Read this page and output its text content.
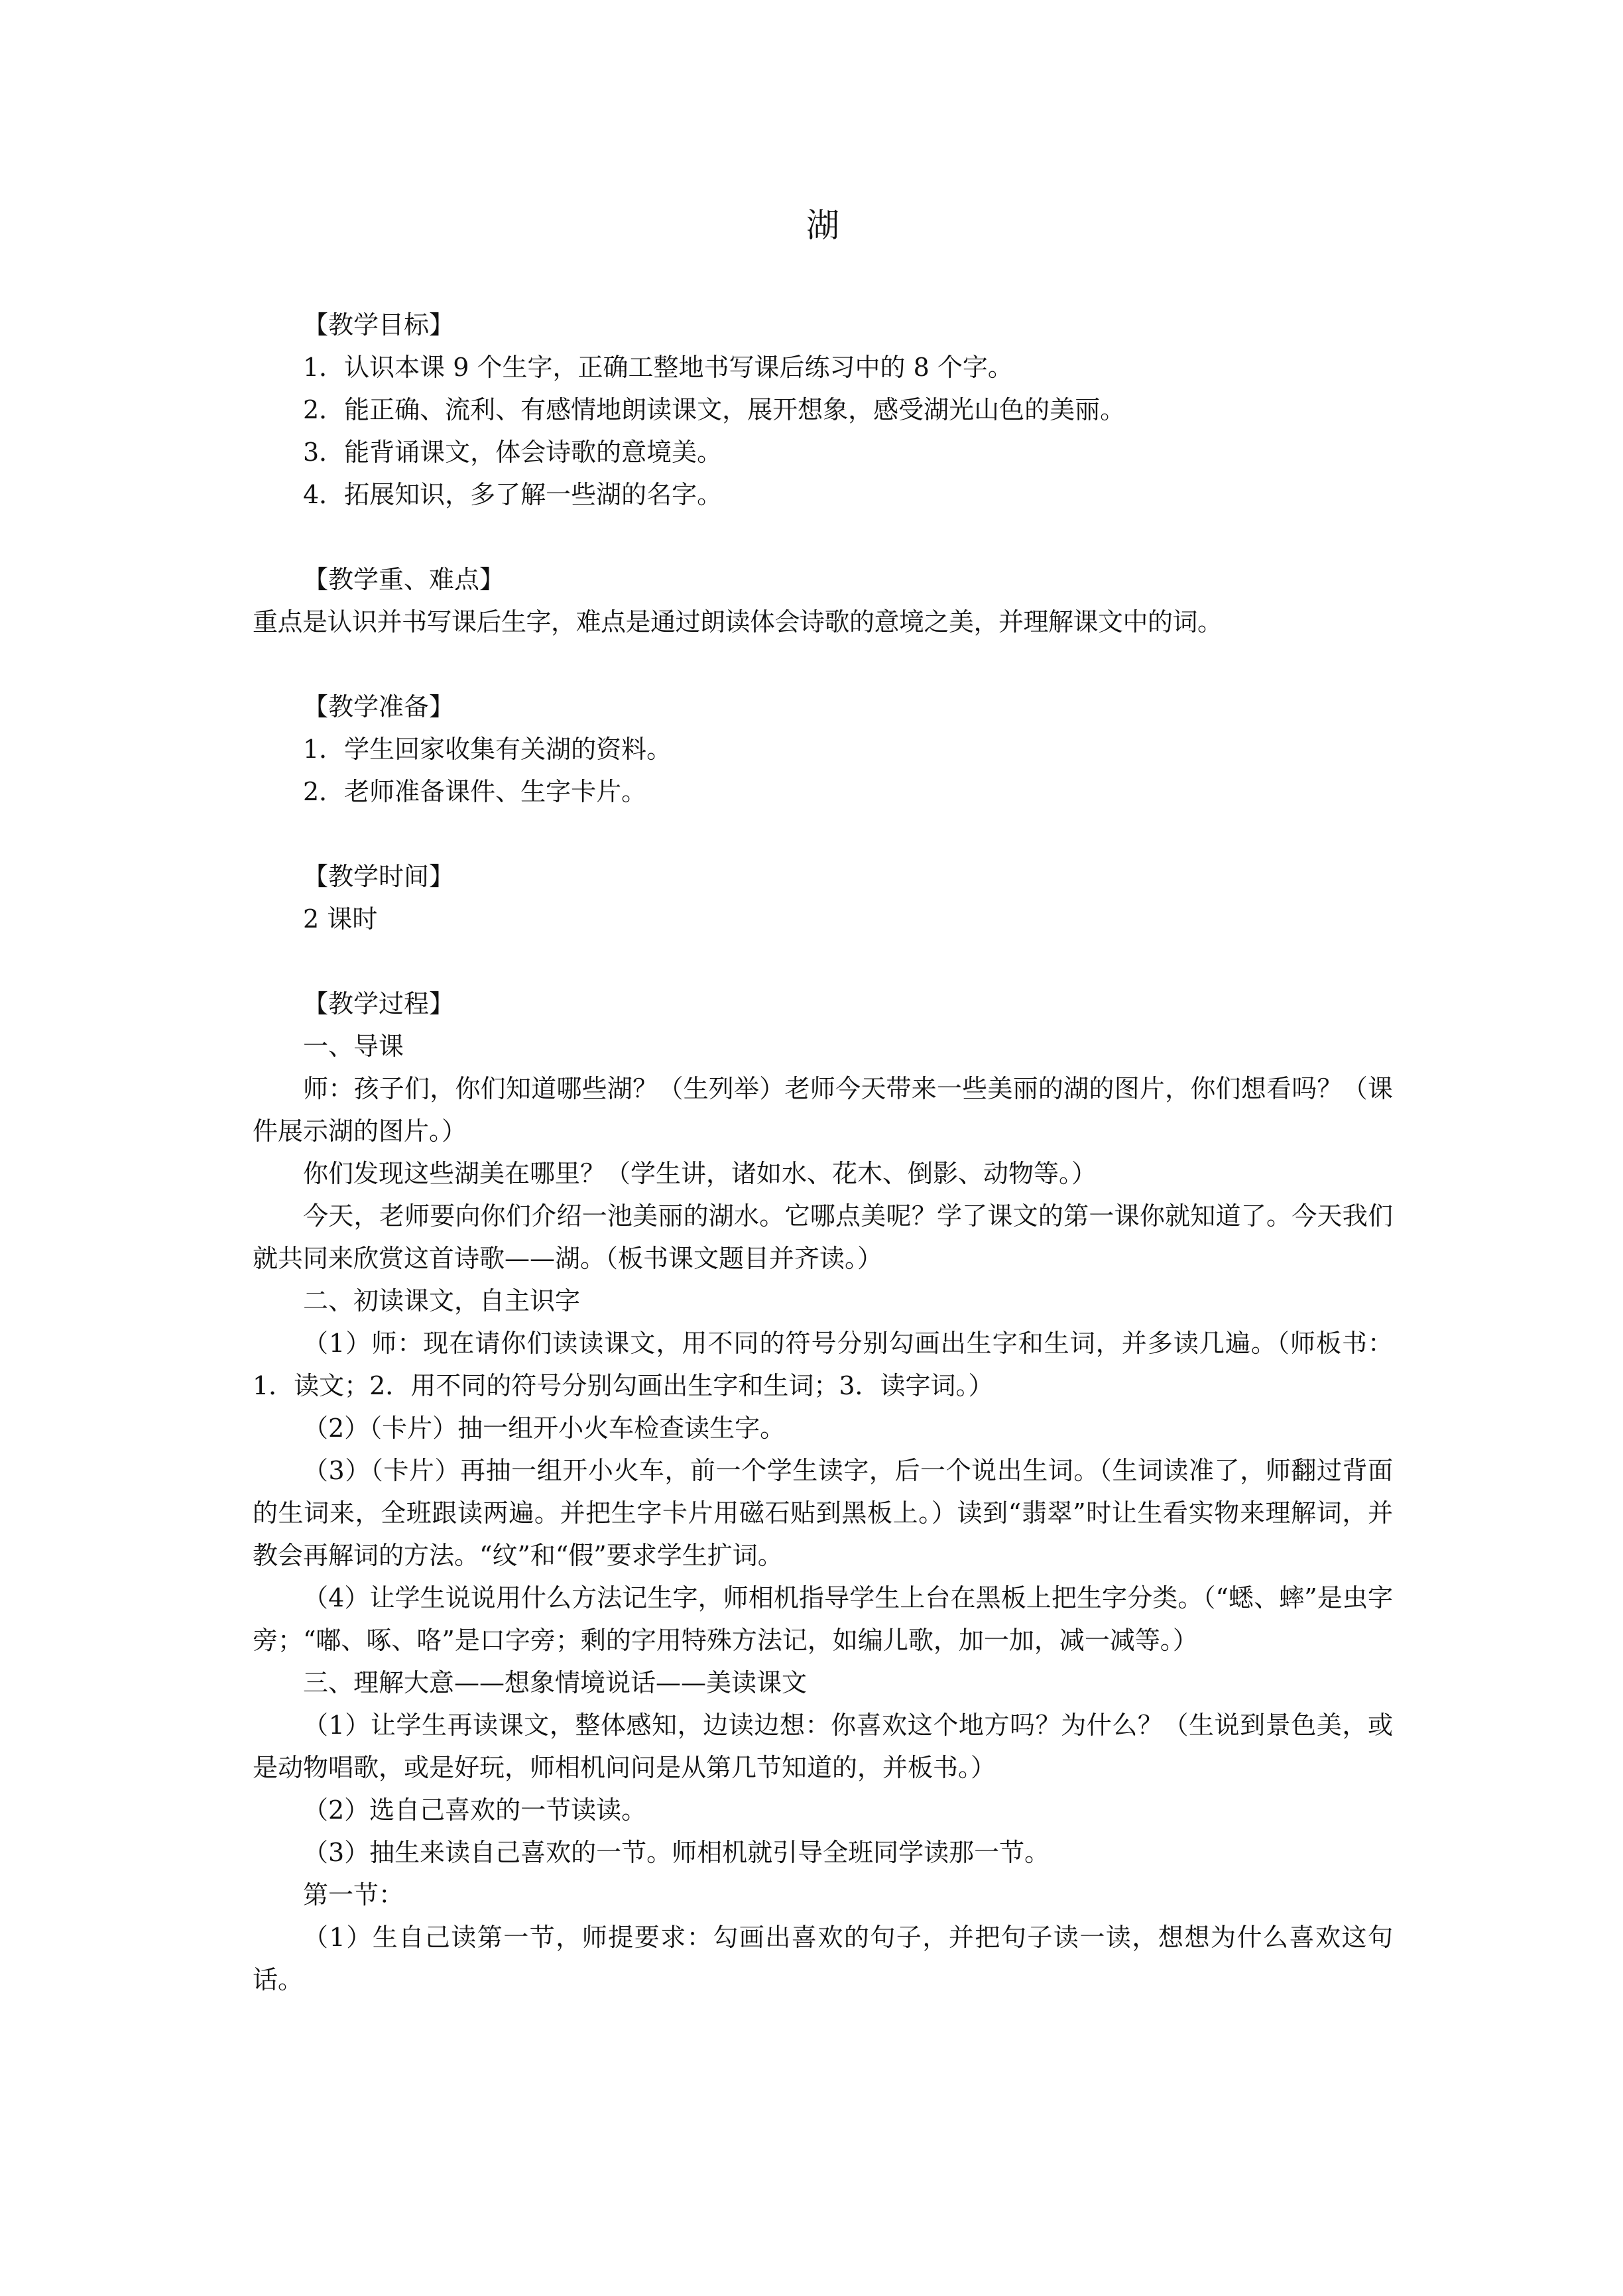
湖
【教学目标】

1．认识本课 9 个生字，正确工整地书写课后练习中的 8 个字。

2．能正确、流利、有感情地朗读课文，展开想象，感受湖光山色的美丽。

3．能背诵课文，体会诗歌的意境美。

4．拓展知识，多了解一些湖的名字。

【教学重、难点】

重点是认识并书写课后生字，难点是通过朗读体会诗歌的意境之美，并理解课文中的词。

【教学准备】

1．学生回家收集有关湖的资料。

2．老师准备课件、生字卡片。

【教学时间】

2 课时

【教学过程】

一、导课

师：孩子们，你们知道哪些湖？（生列举）老师今天带来一些美丽的湖的图片，你们想看吗？（课件展示湖的图片。）

你们发现这些湖美在哪里？（学生讲，诸如水、花木、倒影、动物等。）

今天，老师要向你们介绍一池美丽的湖水。它哪点美呢？学了课文的第一课你就知道了。今天我们就共同来欣赏这首诗歌——湖。（板书课文题目并齐读。）

二、初读课文，自主识字

（1）师：现在请你们读读课文，用不同的符号分别勾画出生字和生词，并多读几遍。（师板书：1．读文；2．用不同的符号分别勾画出生字和生词；3．读字词。）

（2）（卡片）抽一组开小火车检查读生字。

（3）（卡片）再抽一组开小火车，前一个学生读字，后一个说出生词。（生词读准了，师翻过背面的生词来，全班跟读两遍。并把生字卡片用磁石贴到黑板上。）读到“翡翠”时让生看实物来理解词，并教会再解词的方法。“纹”和“假”要求学生扩词。

（4）让学生说说用什么方法记生字，师相机指导学生上台在黑板上把生字分类。（“蟋、蟀”是虫字旁；“嘟、啄、咯”是口字旁；剩的字用特殊方法记，如编儿歌，加一加，减一减等。）

三、理解大意——想象情境说话——美读课文

（1）让学生再读课文，整体感知，边读边想：你喜欢这个地方吗？为什么？（生说到景色美，或是动物唱歌，或是好玩，师相机问问是从第几节知道的，并板书。）

（2）选自己喜欢的一节读读。

（3）抽生来读自己喜欢的一节。师相机就引导全班同学读那一节。

第一节：

（1）生自己读第一节，师提要求：勾画出喜欢的句子，并把句子读一读，想想为什么喜欢这句话。
